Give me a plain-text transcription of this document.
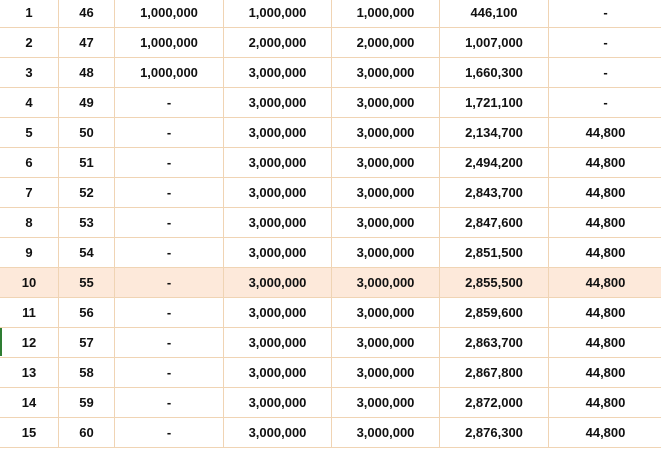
1	46	1,000,000	1,000,000	1,000,000	446,100	-
2	47	1,000,000	2,000,000	2,000,000	1,007,000	-
3	48	1,000,000	3,000,000	3,000,000	1,660,300	-
4	49	-	3,000,000	3,000,000	1,721,100	-
5	50	-	3,000,000	3,000,000	2,134,700	44,800
6	51	-	3,000,000	3,000,000	2,494,200	44,800
7	52	-	3,000,000	3,000,000	2,843,700	44,800
8	53	-	3,000,000	3,000,000	2,847,600	44,800
9	54	-	3,000,000	3,000,000	2,851,500	44,800
10	55	-	3,000,000	3,000,000	2,855,500	44,800
11	56	-	3,000,000	3,000,000	2,859,600	44,800
12	57	-	3,000,000	3,000,000	2,863,700	44,800
13	58	-	3,000,000	3,000,000	2,867,800	44,800
14	59	-	3,000,000	3,000,000	2,872,000	44,800
15	60	-	3,000,000	3,000,000	2,876,300	44,800
